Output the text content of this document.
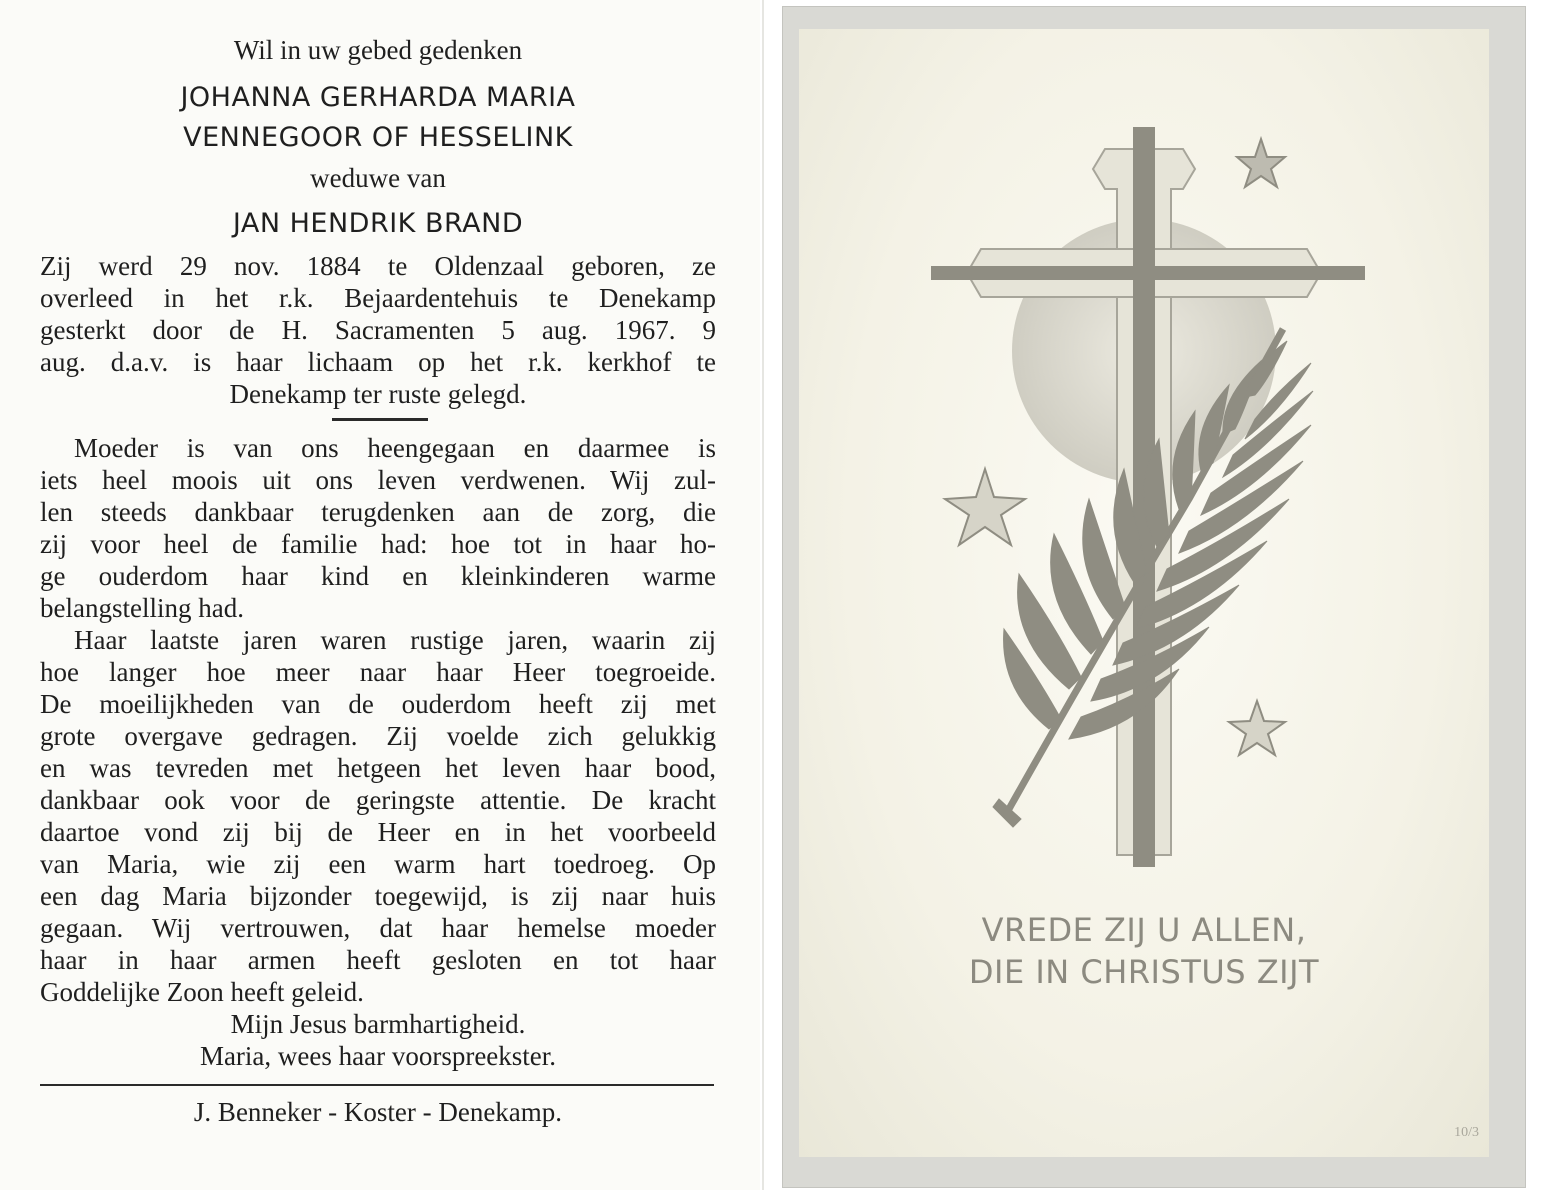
Wil in uw gebed gedenken
JOHANNA GERHARDA MARIA
VENNEGOOR OF HESSELINK
weduwe van
JAN HENDRIK BRAND
Zij werd 29 nov. 1884 te Oldenzaal geboren, ze
overleed in het r.k. Bejaardentehuis te Denekamp
gesterkt door de H. Sacramenten 5 aug. 1967. 9
aug. d.a.v. is haar lichaam op het r.k. kerkhof te
Denekamp ter ruste gelegd.
Moeder is van ons heengegaan en daarmee is
iets heel moois uit ons leven verdwenen. Wij zul-
len steeds dankbaar terugdenken aan de zorg, die
zij voor heel de familie had: hoe tot in haar ho-
ge ouderdom haar kind en kleinkinderen warme
belangstelling had.
Haar laatste jaren waren rustige jaren, waarin zij
hoe langer hoe meer naar haar Heer toegroeide.
De moeilijkheden van de ouderdom heeft zij met
grote overgave gedragen. Zij voelde zich gelukkig
en was tevreden met hetgeen het leven haar bood,
dankbaar ook voor de geringste attentie. De kracht
daartoe vond zij bij de Heer en in het voorbeeld
van Maria, wie zij een warm hart toedroeg. Op
een dag Maria bijzonder toegewijd, is zij naar huis
gegaan. Wij vertrouwen, dat haar hemelse moeder
haar in haar armen heeft gesloten en tot haar
Goddelijke Zoon heeft geleid.
Mijn Jesus barmhartigheid.
Maria, wees haar voorspreekster.
J. Benneker - Koster - Denekamp.
VREDE ZIJ U ALLEN,
DIE IN CHRISTUS ZIJT
10/3
